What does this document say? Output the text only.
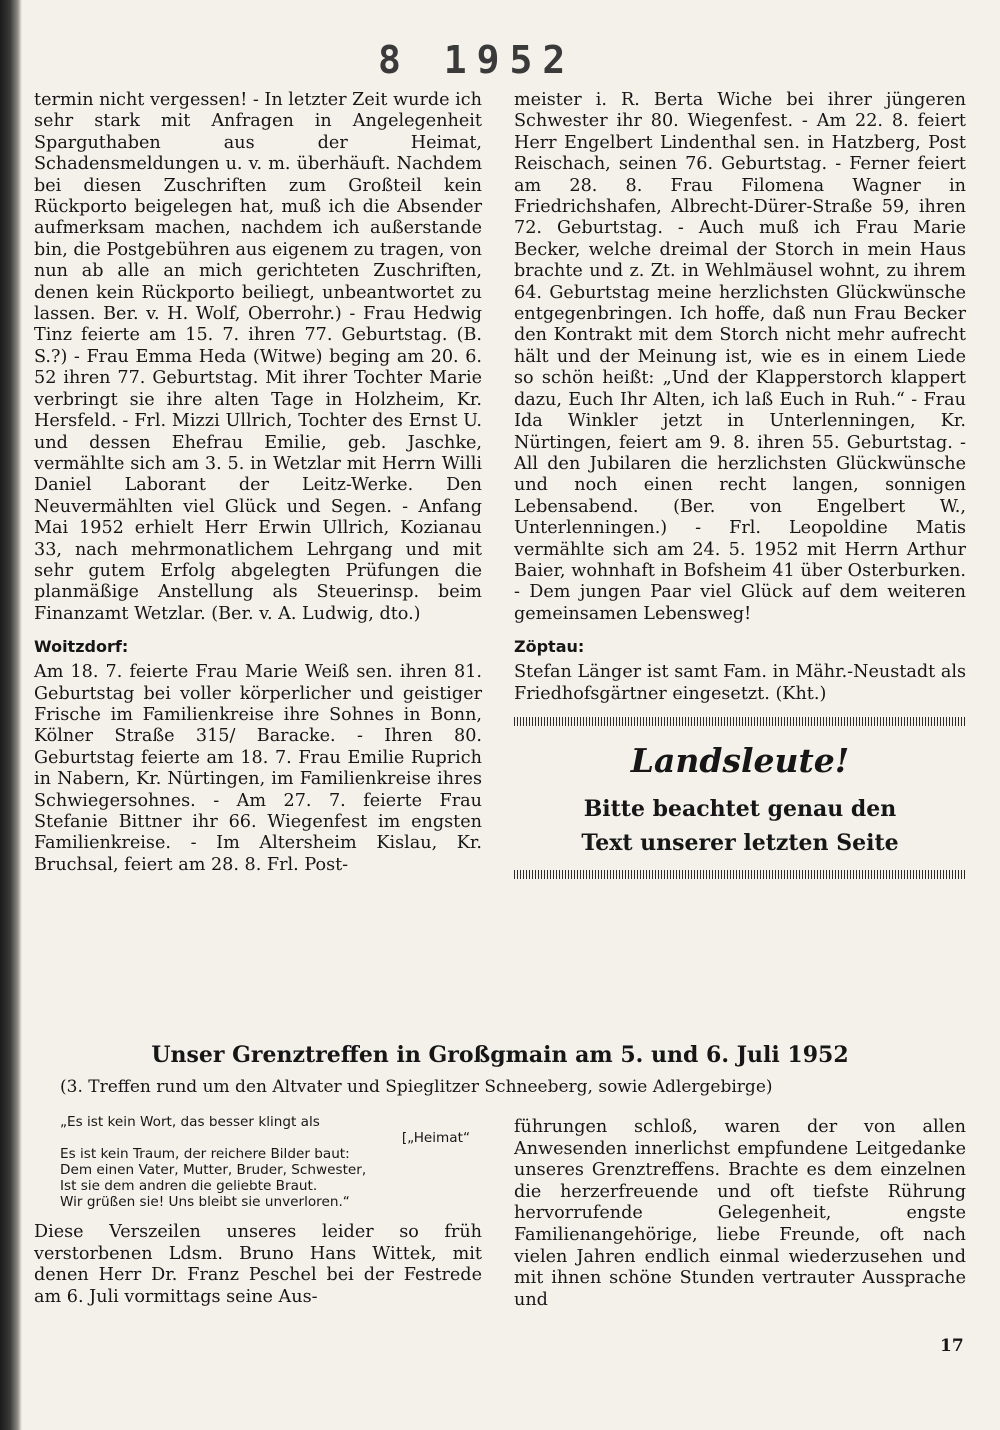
8 1952

termin nicht vergessen! - In letzter Zeit wurde ich sehr stark mit Anfragen in Angelegenheit Sparguthaben aus der Heimat, Schadensmeldungen u. v. m. überhäuft. Nachdem bei diesen Zuschriften zum Großteil kein Rückporto beigelegen hat, muß ich die Absender aufmerksam machen, nachdem ich außerstande bin, die Postgebühren aus eigenem zu tragen, von nun ab alle an mich gerichteten Zuschriften, denen kein Rückporto beiliegt, unbeantwortet zu lassen. Ber. v. H. Wolf, Oberrohr.) - Frau Hedwig Tinz feierte am 15. 7. ihren 77. Geburtstag. (B. S.?) - Frau Emma Heda (Witwe) beging am 20. 6. 52 ihren 77. Geburtstag. Mit ihrer Tochter Marie verbringt sie ihre alten Tage in Holzheim, Kr. Hersfeld. - Frl. Mizzi Ullrich, Tochter des Ernst U. und dessen Ehefrau Emilie, geb. Jaschke, vermählte sich am 3. 5. in Wetzlar mit Herrn Willi Daniel Laborant der Leitz-Werke. Den Neuvermählten viel Glück und Segen. - Anfang Mai 1952 erhielt Herr Erwin Ullrich, Kozianau 33, nach mehrmonatlichem Lehrgang und mit sehr gutem Erfolg abgelegten Prüfungen die planmäßige Anstellung als Steuerinsp. beim Finanzamt Wetzlar. (Ber. v. A. Ludwig, dto.)

Woitzdorf:

Am 18. 7. feierte Frau Marie Weiß sen. ihren 81. Geburtstag bei voller körperlicher und geistiger Frische im Familienkreise ihre Sohnes in Bonn, Kölner Straße 315/ Baracke. - Ihren 80. Geburtstag feierte am 18. 7. Frau Emilie Ruprich in Nabern, Kr. Nürtingen, im Familienkreise ihres Schwiegersohnes. - Am 27. 7. feierte Frau Stefanie Bittner ihr 66. Wiegenfest im engsten Familienkreise. - Im Altersheim Kislau, Kr. Bruchsal, feiert am 28. 8. Frl. Post-

meister i. R. Berta Wiche bei ihrer jüngeren Schwester ihr 80. Wiegenfest. - Am 22. 8. feiert Herr Engelbert Lindenthal sen. in Hatzberg, Post Reischach, seinen 76. Geburtstag. - Ferner feiert am 28. 8. Frau Filomena Wagner in Friedrichshafen, Albrecht-Dürer-Straße 59, ihren 72. Geburtstag. - Auch muß ich Frau Marie Becker, welche dreimal der Storch in mein Haus brachte und z. Zt. in Wehlmäusel wohnt, zu ihrem 64. Geburtstag meine herzlichsten Glückwünsche entgegenbringen. Ich hoffe, daß nun Frau Becker den Kontrakt mit dem Storch nicht mehr aufrecht hält und der Meinung ist, wie es in einem Liede so schön heißt: „Und der Klapperstorch klappert dazu, Euch Ihr Alten, ich laß Euch in Ruh.“ - Frau Ida Winkler jetzt in Unterlenningen, Kr. Nürtingen, feiert am 9. 8. ihren 55. Geburtstag. - All den Jubilaren die herzlichsten Glückwünsche und noch einen recht langen, sonnigen Lebensabend. (Ber. von Engelbert W., Unterlenningen.) - Frl. Leopoldine Matis vermählte sich am 24. 5. 1952 mit Herrn Arthur Baier, wohnhaft in Bofsheim 41 über Osterburken. - Dem jungen Paar viel Glück auf dem weiteren gemeinsamen Lebensweg!

Zöptau:

Stefan Länger ist samt Fam. in Mähr.-Neustadt als Friedhofsgärtner eingesetzt. (Kht.)

Landsleute!
Bitte beachtet genau den
Text unserer letzten Seite
Unser Grenztreffen in Großgmain am 5. und 6. Juli 1952

(3. Treffen rund um den Altvater und Spieglitzer Schneeberg, sowie Adlergebirge)

„Es ist kein Wort, das besser klingt als
[„Heimat“
Es ist kein Traum, der reichere Bilder baut:
Dem einen Vater, Mutter, Bruder, Schwester,
Ist sie dem andren die geliebte Braut.
Wir grüßen sie! Uns bleibt sie unverloren.“

Diese Verszeilen unseres leider so früh verstorbenen Ldsm. Bruno Hans Wittek, mit denen Herr Dr. Franz Peschel bei der Festrede am 6. Juli vormittags seine Aus-

führungen schloß, waren der von allen Anwesenden innerlichst empfundene Leitgedanke unseres Grenztreffens. Brachte es dem einzelnen die herzerfreuende und oft tiefste Rührung hervorrufende Gelegenheit, engste Familienangehörige, liebe Freunde, oft nach vielen Jahren endlich einmal wiederzusehen und mit ihnen schöne Stunden vertrauter Aussprache und

17
